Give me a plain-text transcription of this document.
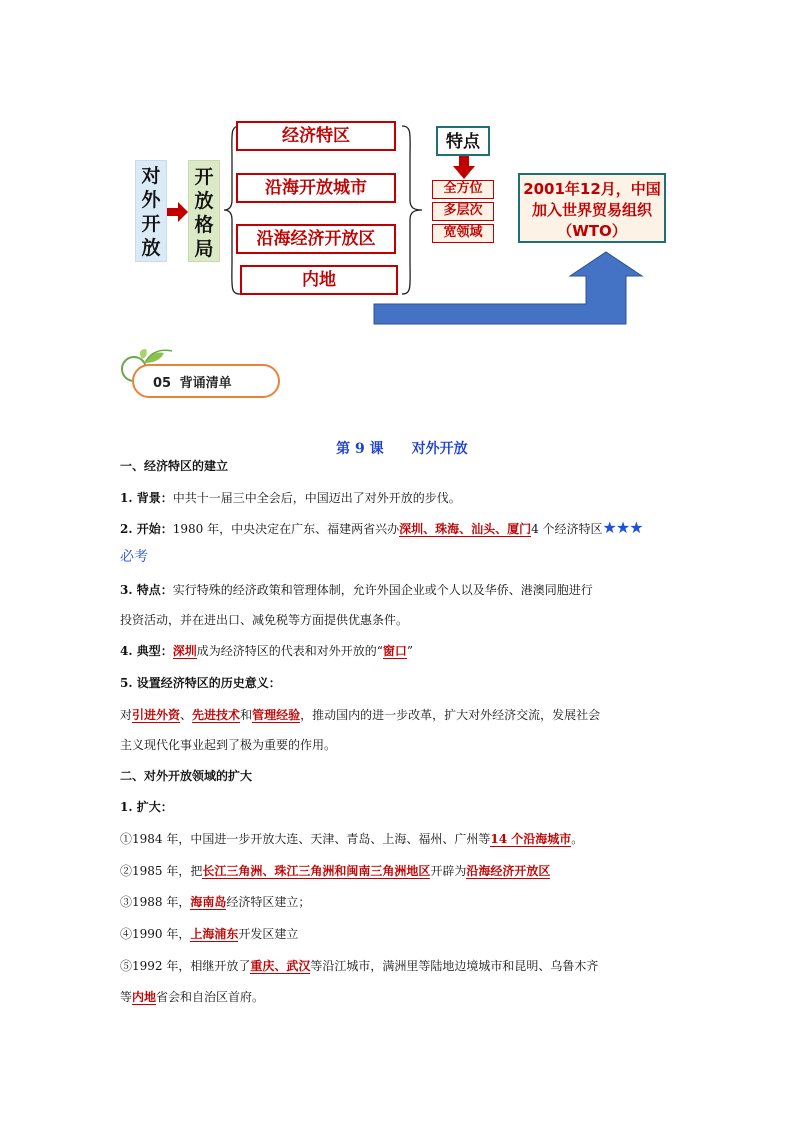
对
外
开
放
开
放
格
局
经济特区
沿海开放城市
沿海经济开放区
内地
特点
全方位
多层次
宽领域
2001年12月，中国加入世界贸易组织（WTO）
05 背诵清单

第 9 课　　对外开放

一、经济特区的建立
1. 背景：中共十一届三中全会后，中国迈出了对外开放的步伐。
2. 开始：1980 年，中央决定在广东、福建两省兴办深圳、珠海、汕头、厦门4 个经济特区★★★
必考
3. 特点：实行特殊的经济政策和管理体制，允许外国企业或个人以及华侨、港澳同胞进行
投资活动，并在进出口、减免税等方面提供优惠条件。
4. 典型：深圳成为经济特区的代表和对外开放的“窗口”
5. 设置经济特区的历史意义：
对引进外资、先进技术和管理经验，推动国内的进一步改革，扩大对外经济交流，发展社会
主义现代化事业起到了极为重要的作用。
二、对外开放领域的扩大
1. 扩大：
①1984 年，中国进一步开放大连、天津、青岛、上海、福州、广州等14 个沿海城市。
②1985 年，把长江三角洲、珠江三角洲和闽南三角洲地区开辟为沿海经济开放区
③1988 年，海南岛经济特区建立；
④1990 年，上海浦东开发区建立
⑤1992 年，相继开放了重庆、武汉等沿江城市，满洲里等陆地边境城市和昆明、乌鲁木齐
等内地省会和自治区首府。
